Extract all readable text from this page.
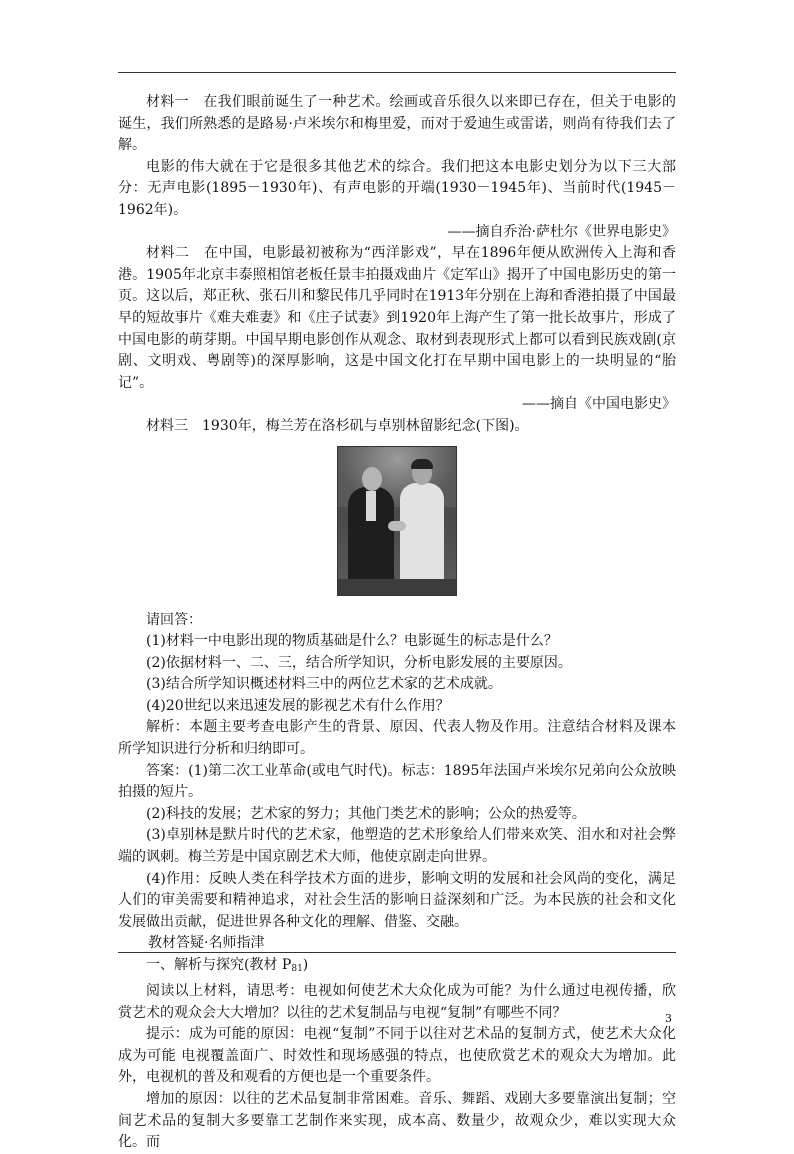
材料一　在我们眼前诞生了一种艺术。绘画或音乐很久以来即已存在，但关于电影的诞生，我们所熟悉的是路易·卢米埃尔和梅里爱，而对于爱迪生或雷诺，则尚有待我们去了解。

电影的伟大就在于它是很多其他艺术的综合。我们把这本电影史划分为以下三大部分：无声电影(1895－1930年)、有声电影的开端(1930－1945年)、当前时代(1945－1962年)。

——摘自乔治·萨杜尔《世界电影史》

材料二　在中国，电影最初被称为“西洋影戏”，早在1896年便从欧洲传入上海和香港。1905年北京丰泰照相馆老板任景丰拍摄戏曲片《定军山》揭开了中国电影历史的第一页。这以后，郑正秋、张石川和黎民伟几乎同时在1913年分别在上海和香港拍摄了中国最早的短故事片《难夫难妻》和《庄子试妻》到1920年上海产生了第一批长故事片，形成了中国电影的萌芽期。中国早期电影创作从观念、取材到表现形式上都可以看到民族戏剧(京剧、文明戏、粤剧等)的深厚影响，这是中国文化打在早期中国电影上的一块明显的“胎记”。

——摘自《中国电影史》

材料三　1930年，梅兰芳在洛杉矶与卓别林留影纪念(下图)。

请回答：

(1)材料一中电影出现的物质基础是什么？电影诞生的标志是什么？

(2)依据材料一、二、三，结合所学知识，分析电影发展的主要原因。

(3)结合所学知识概述材料三中的两位艺术家的艺术成就。

(4)20世纪以来迅速发展的影视艺术有什么作用？

解析：本题主要考查电影产生的背景、原因、代表人物及作用。注意结合材料及课本所学知识进行分析和归纳即可。

答案：(1)第二次工业革命(或电气时代)。标志：1895年法国卢米埃尔兄弟向公众放映拍摄的短片。

(2)科技的发展；艺术家的努力；其他门类艺术的影响；公众的热爱等。

(3)卓别林是默片时代的艺术家，他塑造的艺术形象给人们带来欢笑、泪水和对社会弊端的讽刺。梅兰芳是中国京剧艺术大师，他使京剧走向世界。

(4)作用：反映人类在科学技术方面的进步，影响文明的发展和社会风尚的变化，满足人们的审美需要和精神追求，对社会生活的影响日益深刻和广泛。为本民族的社会和文化发展做出贡献，促进世界各种文化的理解、借鉴、交融。

教材答疑·名师指津

一、解析与探究(教材 P81)

阅读以上材料，请思考：电视如何使艺术大众化成为可能？为什么通过电视传播，欣赏艺术的观众会大大增加？以往的艺术复制品与电视“复制”有哪些不同？

提示：成为可能的原因：电视“复制”不同于以往对艺术品的复制方式，使艺术大众化成为可能 电视覆盖面广、时效性和现场感强的特点，也使欣赏艺术的观众大为增加。此外，电视机的普及和观看的方便也是一个重要条件。

增加的原因：以往的艺术品复制非常困难。音乐、舞蹈、戏剧大多要靠演出复制；空间艺术品的复制大多要靠工艺制作来实现，成本高、数量少，故观众少，难以实现大众化。而

3
